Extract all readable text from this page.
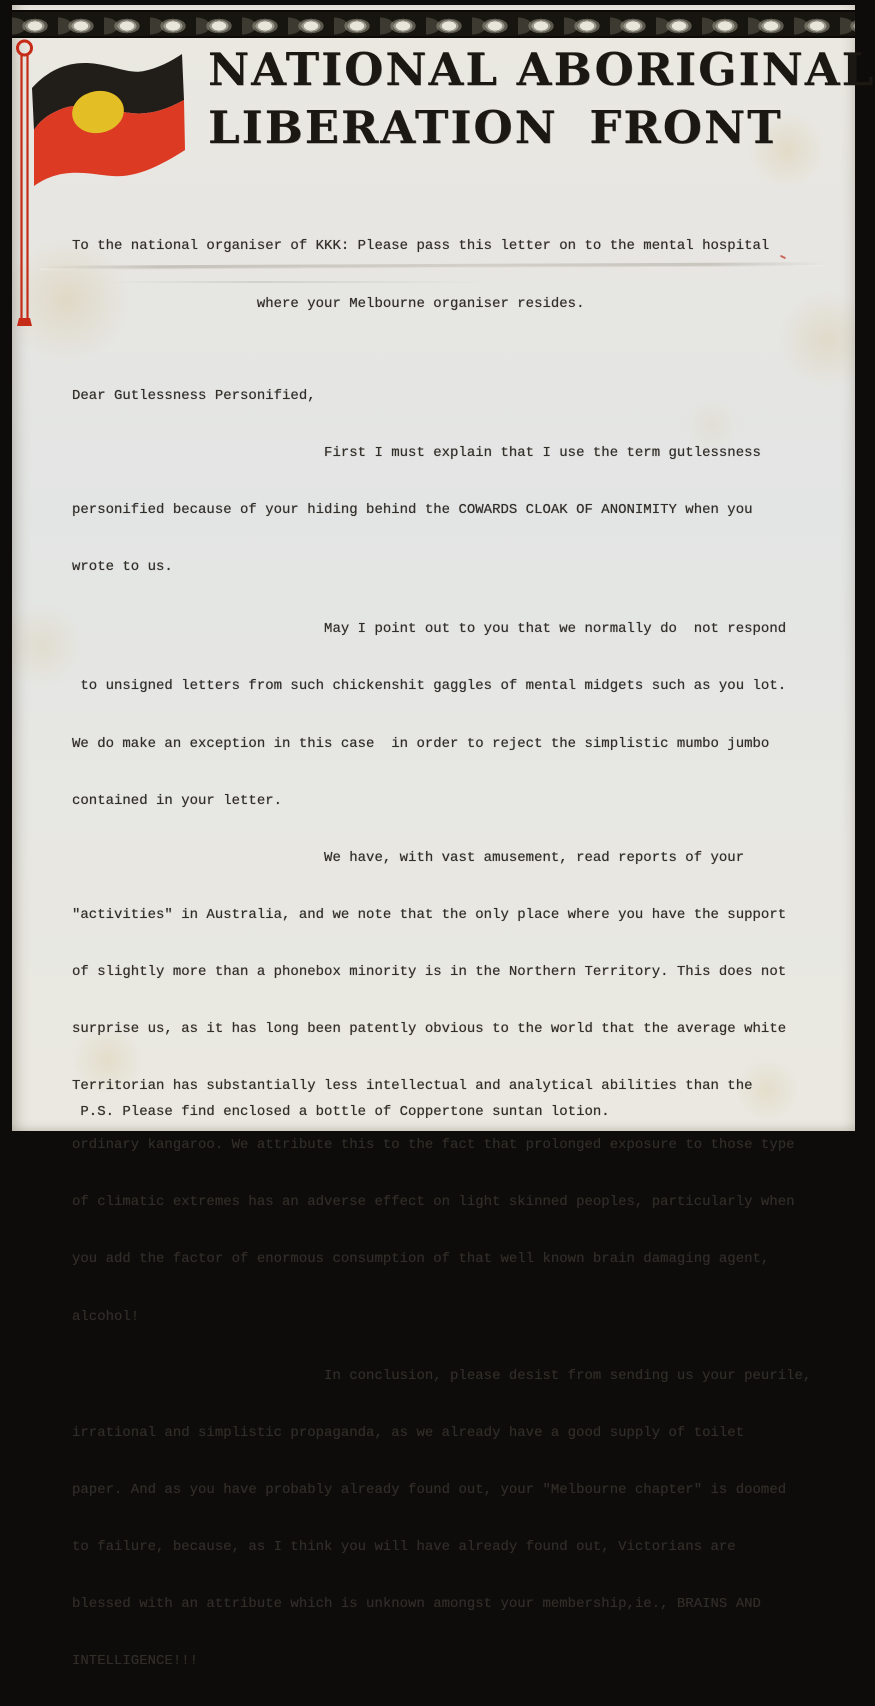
NATIONAL ABORIGINAL
LIBERATION FRONT

To the national organiser of KKK: Please pass this letter on to the mental hospital

where your Melbourne organiser resides.

Dear Gutlessness Personified,

First I must explain that I use the term gutlessness

personified because of your hiding behind the COWARDS CLOAK OF ANONIMITY when you

wrote to us.

May I point out to you that we normally do  not respond

to unsigned letters from such chickenshit gaggles of mental midgets such as you lot.

We do make an exception in this case  in order to reject the simplistic mumbo jumbo

contained in your letter.

We have, with vast amusement, read reports of your

"activities" in Australia, and we note that the only place where you have the support

of slightly more than a phonebox minority is in the Northern Territory. This does not

surprise us, as it has long been patently obvious to the world that the average white

Territorian has substantially less intellectual and analytical abilities than the

ordinary kangaroo. We attribute this to the fact that prolonged exposure to those type

of climatic extremes has an adverse effect on light skinned peoples, particularly when

you add the factor of enormous consumption of that well known brain damaging agent,

alcohol!

In conclusion, please desist from sending us your peurile,

irrational and simplistic propaganda, as we already have a good supply of toilet

paper. And as you have probably already found out, your "Melbourne chapter" is doomed

to failure, because, as I think you will have already found out, Victorians are

blessed with an attribute which is unknown amongst your membership,ie., BRAINS AND

INTELLIGENCE!!!

P.S. Please find enclosed a bottle of Coppertone suntan lotion.
